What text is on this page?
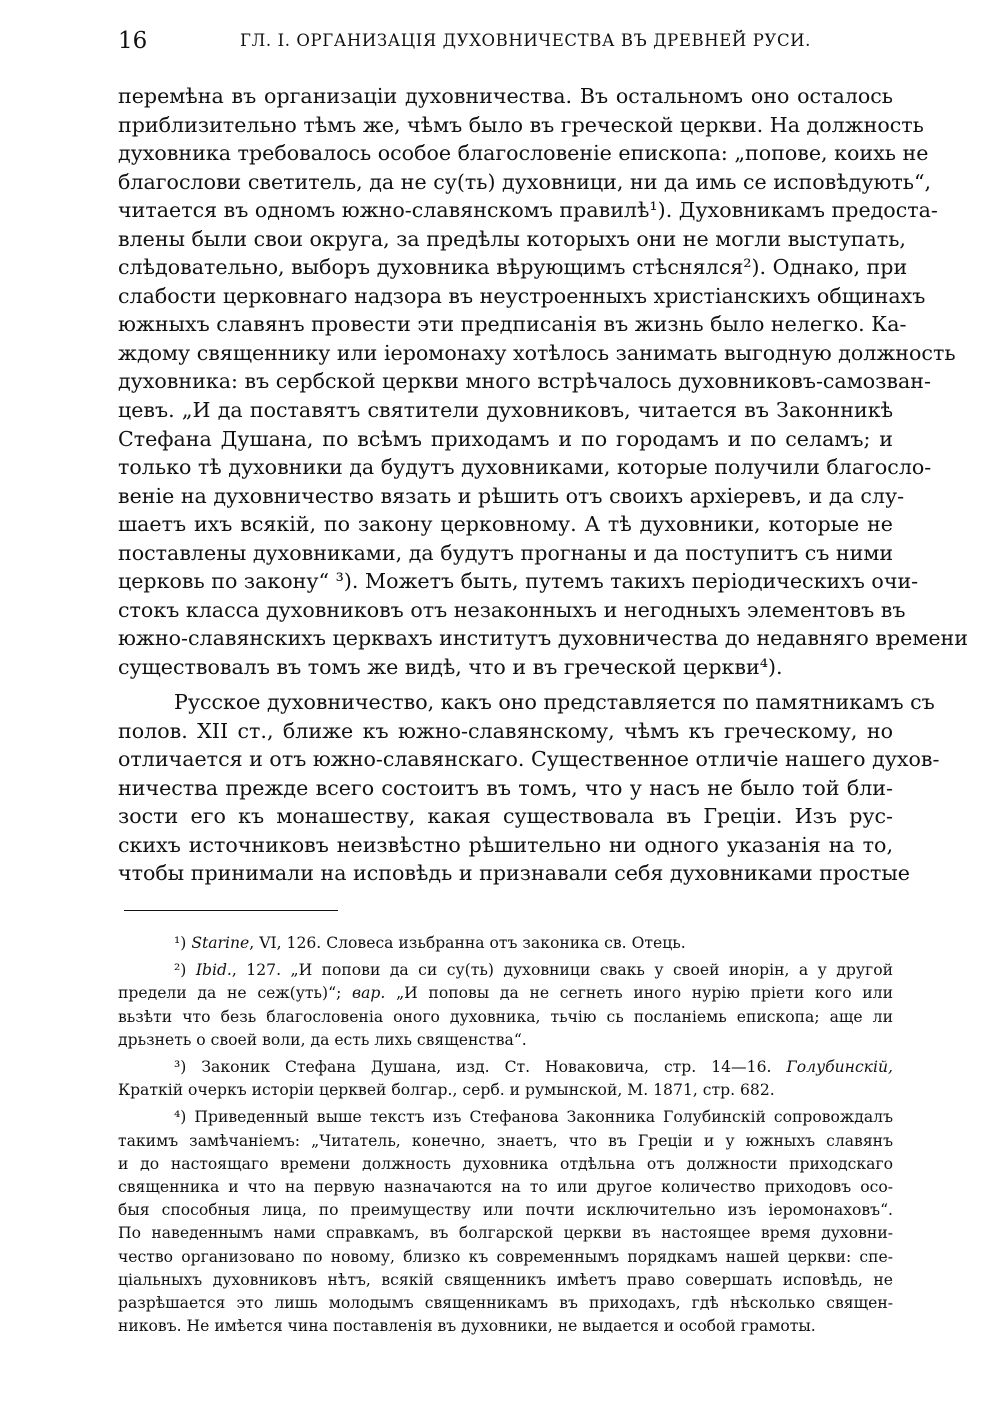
16	ГЛ. I. ОРГАНИЗАЦІЯ ДУХОВНИЧЕСТВА ВЪ ДРЕВНЕЙ РУСИ.
перемѣна въ организаціи духовничества. Въ остальномъ оно осталось
приблизительно тѣмъ же, чѣмъ было въ греческой церкви. На должность
духовника требовалось особое благословеніе епископа: „попове, коихь не
благослови светитель, да не су(ть) духовници, ни да имь се исповѣдують“,
читается въ одномъ южно-славянскомъ правилѣ¹). Духовникамъ предоста-
влены были свои округа, за предѣлы которыхъ они не могли выступать,
слѣдовательно, выборъ духовника вѣрующимъ стѣснялся²). Однако, при
слабости церковнаго надзора въ неустроенныхъ христіанскихъ общинахъ
южныхъ славянъ провести эти предписанія въ жизнь было нелегко. Ка-
ждому священнику или іеромонаху хотѣлось занимать выгодную должность
духовника: въ сербской церкви много встрѣчалось духовниковъ-самозван-
цевъ. „И да поставятъ святители духовниковъ, читается въ Законникѣ
Стефана Душана, по всѣмъ приходамъ и по городамъ и по селамъ; и
только тѣ духовники да будутъ духовниками, которые получили благосло-
веніе на духовничество вязать и рѣшить отъ своихъ архіеревъ, и да слу-
шаетъ ихъ всякій, по закону церковному. А тѣ духовники, которые не
поставлены духовниками, да будутъ прогнаны и да поступитъ съ ними
церковь по закону“ ³). Можетъ быть, путемъ такихъ періодическихъ очи-
стокъ класса духовниковъ отъ незаконныхъ и негодныхъ элементовъ въ
южно-славянскихъ церквахъ институтъ духовничества до недавняго времени
существовалъ въ томъ же видѣ, что и въ греческой церкви⁴).
Русское духовничество, какъ оно представляется по памятникамъ съ
полов. XII ст., ближе къ южно-славянскому, чѣмъ къ греческому, но
отличается и отъ южно-славянскаго. Существенное отличіе нашего духов-
ничества прежде всего состоитъ въ томъ, что у насъ не было той бли-
зости его къ монашеству, какая существовала въ Греціи. Изъ рус-
скихъ источниковъ неизвѣстно рѣшительно ни одного указанія на то,
чтобы принимали на исповѣдь и признавали себя духовниками простые
¹) Starine, VI, 126. Словеса изьбранна отъ законика св. Отець.
²) Ibid., 127. „И попови да си су(ть) духовници свакь у своей инорін, а у другой
предели да не сеж(уть)“; вар. „И поповы да не сегнеть иного нурію пріети кого или
вьзѣти что безь благословеніа оного духовника, тьчію сь посланіемь епископа; аще ли
дрьзнеть о своей воли, да есть лихь священства“.
³) Законик Стефана Душана, изд. Ст. Новаковича, стр. 14—16. Голубинскій,
Краткій очеркъ исторіи церквей болгар., серб. и румынской, М. 1871, стр. 682.
⁴) Приведенный выше текстъ изъ Стефанова Законника Голубинскій сопровождалъ
такимъ замѣчаніемъ: „Читатель, конечно, знаетъ, что въ Греціи и у южныхъ славянъ
и до настоящаго времени должность духовника отдѣльна отъ должности приходскаго
священника и что на первую назначаются на то или другое количество приходовъ осо-
быя способныя лица, по преимуществу или почти исключительно изъ іеромонаховъ“.
По наведеннымъ нами справкамъ, въ болгарской церкви въ настоящее время духовни-
чество организовано по новому, близко къ современнымъ порядкамъ нашей церкви: спе-
ціальныхъ духовниковъ нѣтъ, всякій священникъ имѣетъ право совершать исповѣдь, не
разрѣшается это лишь молодымъ священникамъ въ приходахъ, гдѣ нѣсколько священ-
никовъ. Не имѣется чина поставленія въ духовники, не выдается и особой грамоты.
